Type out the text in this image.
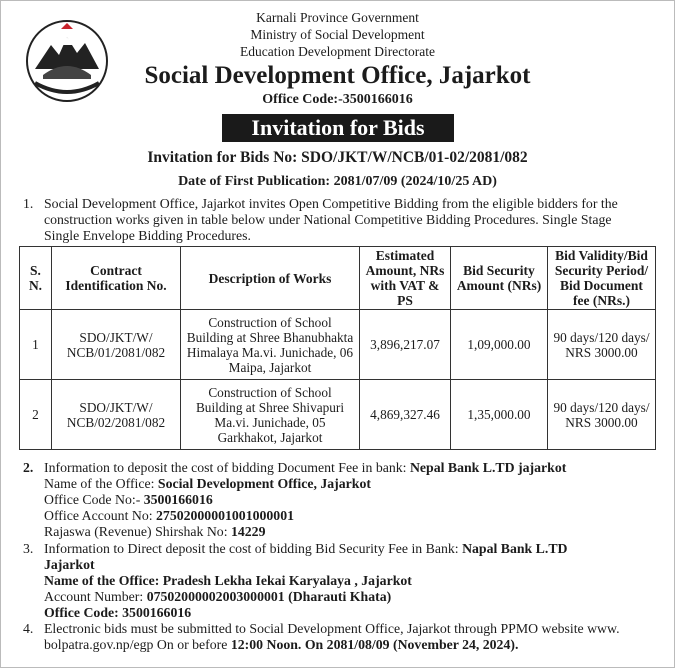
Karnali Province Government
Ministry of Social Development
Education Development Directorate
Social Development Office, Jajarkot
Office Code:-3500166016
Invitation for Bids
Invitation for Bids No: SDO/JKT/W/NCB/01-02/2081/082
Date of First Publication: 2081/07/09 (2024/10/25 AD)
1. Social Development Office, Jajarkot invites Open Competitive Bidding from the eligible bidders for the
construction works given in table below under National Competitive Bidding Procedures. Single Stage
Single Envelope Bidding Procedures.
S. N.	Contract Identification No.	Description of Works	Estimated Amount, NRs with VAT & PS	Bid Security Amount (NRs)	Bid Validity/Bid Security Period/ Bid Document fee (NRs.)
1	SDO/JKT/W/ NCB/01/2081/082	Construction of School Building at Shree Bhanubhakta Himalaya Ma.vi. Junichade, 06 Maipa, Jajarkot	3,896,217.07	1,09,000.00	90 days/120 days/ NRS 3000.00
2	SDO/JKT/W/ NCB/02/2081/082	Construction of School Building at Shree Shivapuri Ma.vi. Junichade, 05 Garkhakot, Jajarkot	4,869,327.46	1,35,000.00	90 days/120 days/ NRS 3000.00
2. Information to deposit the cost of bidding Document Fee in bank: Nepal Bank L.TD jajarkot
Name of the Office: Social Development Office, Jajarkot
Office Code No:- 3500166016
Office Account No: 27502000001001000001
Rajaswa (Revenue) Shirshak No: 14229
3. Information to Direct deposit the cost of bidding Bid Security Fee in Bank: Napal Bank L.TD
Jajarkot
Name of the Office: Pradesh Lekha Iekai Karyalaya , Jajarkot
Account Number: 07502000002003000001 (Dharauti Khata)
Office Code: 3500166016
4. Electronic bids must be submitted to Social Development Office, Jajarkot through PPMO website www.
bolpatra.gov.np/egp On or before 12:00 Noon. On 2081/08/09 (November 24, 2024).
